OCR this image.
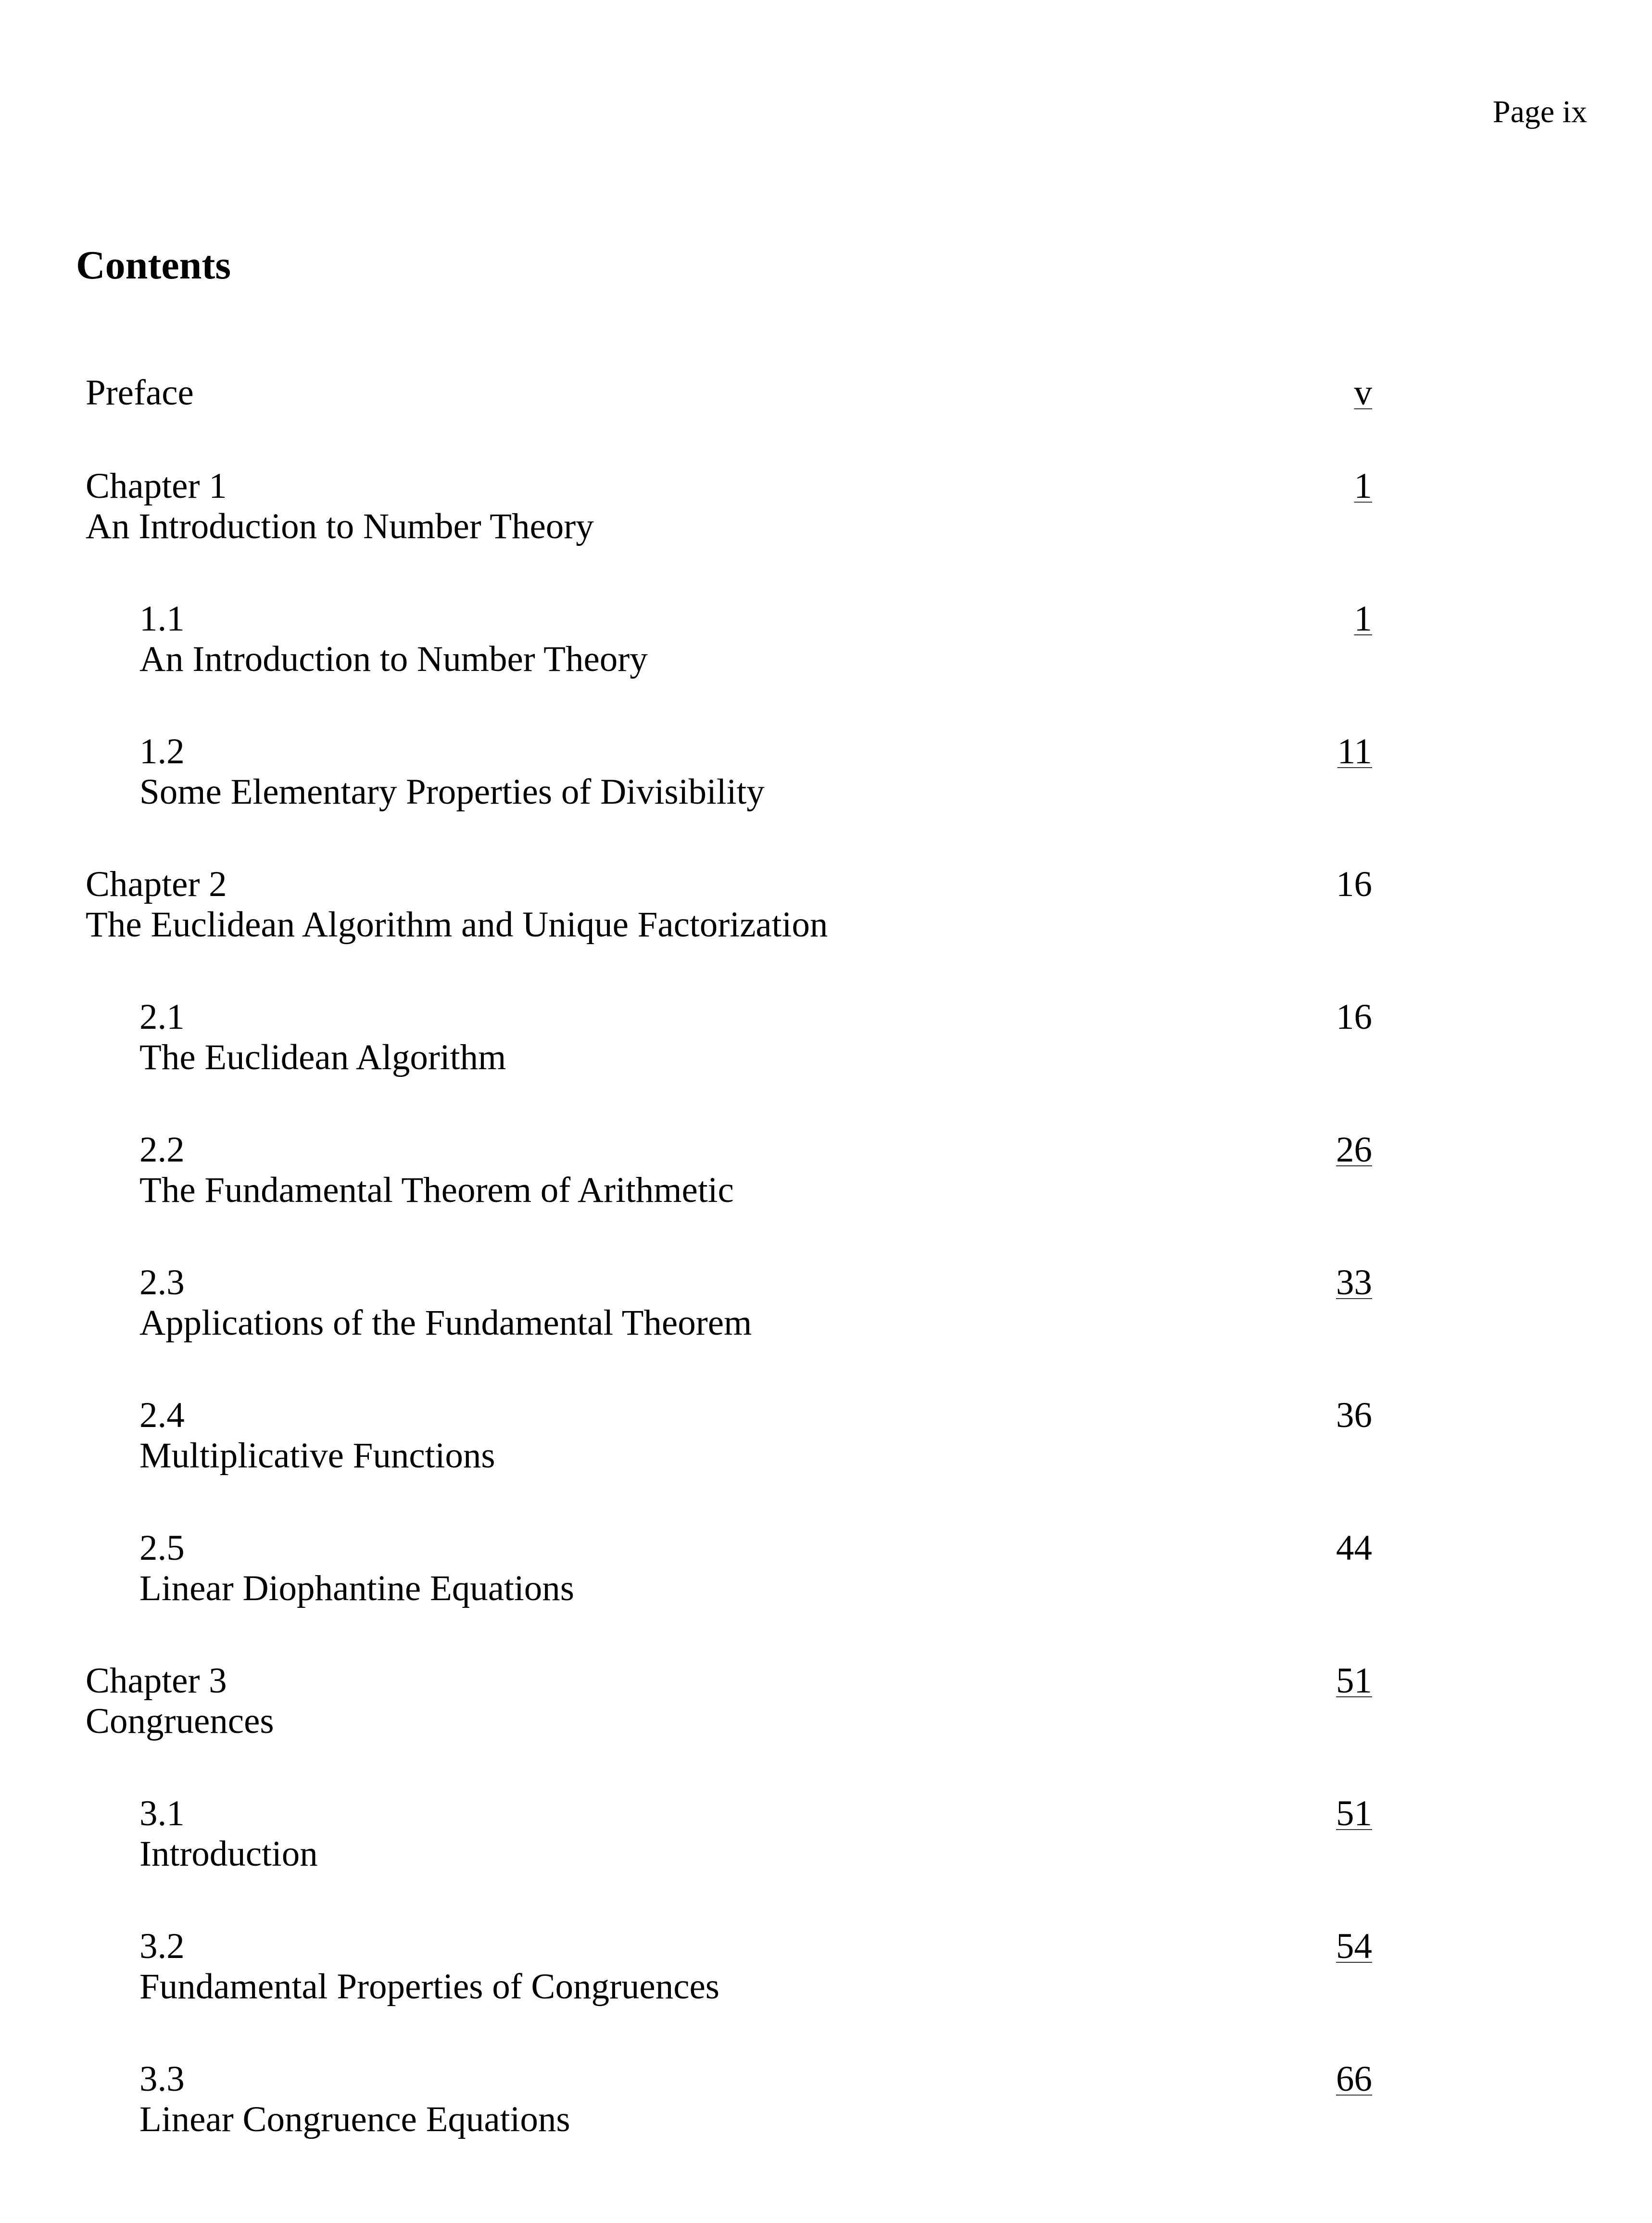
Page ix
Contents
Preface	v
Chapter 1
An Introduction to Number Theory
1
1.1
An Introduction to Number Theory
1
1.2
Some Elementary Properties of Divisibility
11
Chapter 2
The Euclidean Algorithm and Unique Factorization
16
2.1
The Euclidean Algorithm
16
2.2
The Fundamental Theorem of Arithmetic
26
2.3
Applications of the Fundamental Theorem
33
2.4
Multiplicative Functions
36
2.5
Linear Diophantine Equations
44
Chapter 3
Congruences
51
3.1
Introduction
51
3.2
Fundamental Properties of Congruences
54
3.3
Linear Congruence Equations
66
